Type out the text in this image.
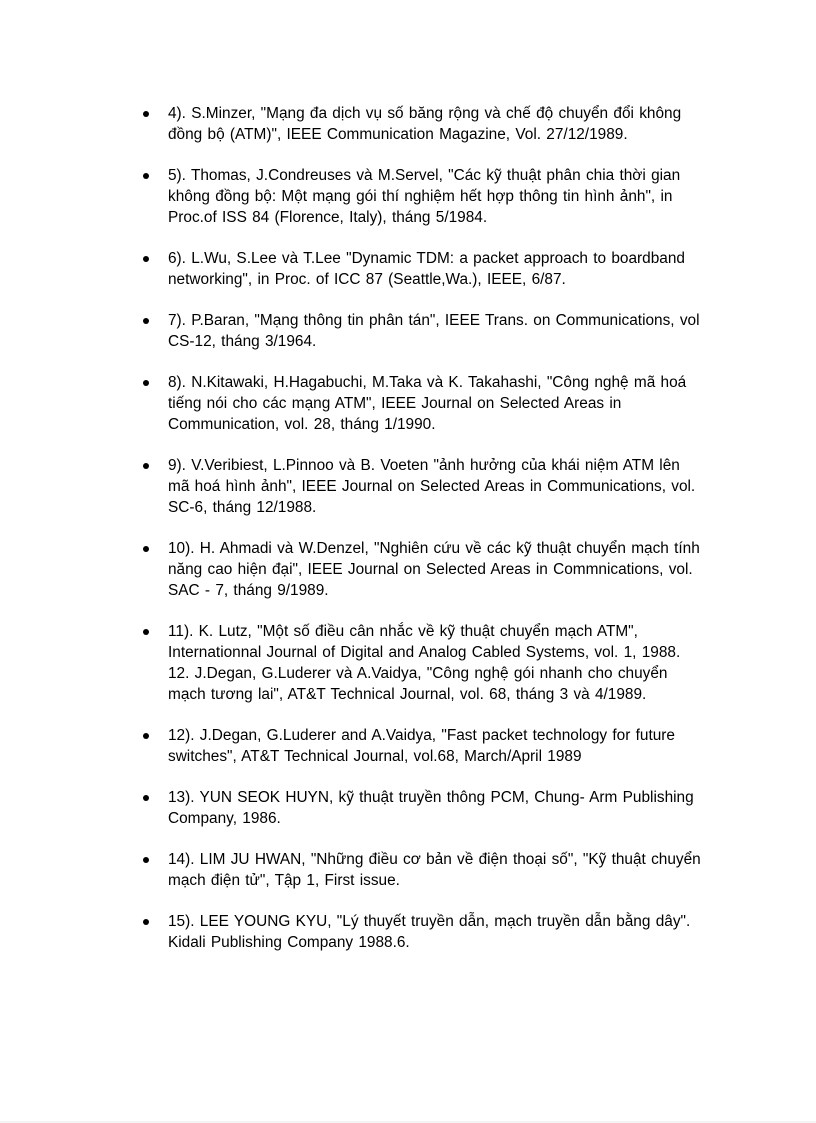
4). S.Minzer, "Mạng đa dịch vụ số băng rộng và chế độ chuyển đổi không đồng bộ (ATM)", IEEE Communication Magazine, Vol. 27/12/1989.
5). Thomas, J.Condreuses và M.Servel, "Các kỹ thuật phân chia thời gian không đồng bộ: Một mạng gói thí nghiệm hết hợp thông tin hình ảnh", in Proc.of ISS 84 (Florence, Italy), tháng 5/1984.
6). L.Wu, S.Lee và T.Lee "Dynamic TDM: a packet approach to boardband networking", in Proc. of ICC 87 (Seattle,Wa.), IEEE, 6/87.
7). P.Baran, "Mạng thông tin phân tán", IEEE Trans. on Communications, vol CS-12, tháng 3/1964.
8). N.Kitawaki, H.Hagabuchi, M.Taka và K. Takahashi, "Công nghệ mã hoá tiếng nói cho các mạng ATM", IEEE Journal on Selected Areas in Communication, vol. 28, tháng 1/1990.
9). V.Veribiest, L.Pinnoo và B. Voeten "ảnh hưởng của khái niệm ATM lên mã hoá hình ảnh", IEEE Journal on Selected Areas in Communications, vol. SC-6, tháng 12/1988.
10). H. Ahmadi và W.Denzel, "Nghiên cứu về các kỹ thuật chuyển mạch tính năng cao hiện đại", IEEE Journal on Selected Areas in Commnications, vol. SAC - 7, tháng 9/1989.
11). K. Lutz, "Một số điều cân nhắc về kỹ thuật chuyển mạch ATM", Internationnal Journal of Digital and Analog Cabled Systems, vol. 1, 1988. 12. J.Degan, G.Luderer và A.Vaidya, "Công nghệ gói nhanh cho chuyển mạch tương lai", AT&T Technical Journal, vol. 68, tháng 3 và 4/1989.
12). J.Degan, G.Luderer and A.Vaidya, "Fast packet technology for future switches", AT&T Technical Journal, vol.68, March/April 1989
13). YUN SEOK HUYN, kỹ thuật truyền thông PCM, Chung- Arm Publishing Company, 1986.
14). LIM JU HWAN, "Những điều cơ bản về điện thoại số", "Kỹ thuật chuyển mạch điện tử", Tập 1, First issue.
15). LEE YOUNG KYU, "Lý thuyết truyền dẫn, mạch truyền dẫn bằng dây". Kidali Publishing Company 1988.6.
